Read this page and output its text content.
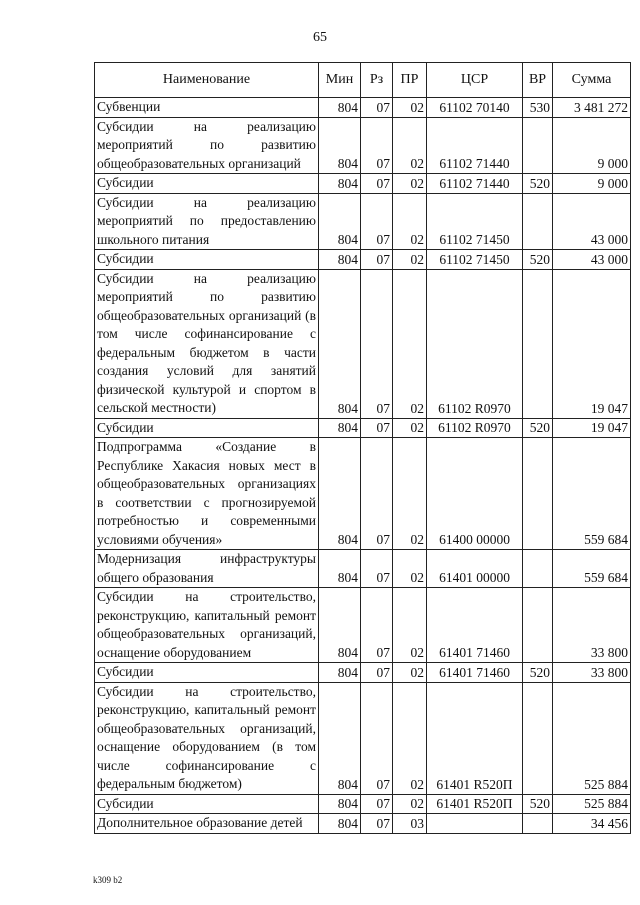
65
Наименование	Мин	Рз	ПР	ЦСР	ВР	Сумма
Субвенции	804	07	02	61102 70140	530	3 481 272
Субсидии на реализацию мероприятий по развитию общеобразовательных организаций	804	07	02	61102 71440		9 000
Субсидии	804	07	02	61102 71440	520	9 000
Субсидии на реализацию мероприятий по предоставлению школьного питания	804	07	02	61102 71450		43 000
Субсидии	804	07	02	61102 71450	520	43 000
Субсидии на реализацию мероприятий по развитию общеобразовательных организаций (в том числе софинансирование с федеральным бюджетом в части создания условий для занятий физической культурой и спортом в сельской местности)	804	07	02	61102 R0970		19 047
Субсидии	804	07	02	61102 R0970	520	19 047
Подпрограмма «Создание в Республике Хакасия новых мест в общеобразовательных организациях в соответствии с прогнозируемой потребностью и современными условиями обучения»	804	07	02	61400 00000		559 684
Модернизация инфраструктуры общего образования	804	07	02	61401 00000		559 684
Субсидии на строительство, реконструкцию, капитальный ремонт общеобразовательных организаций, оснащение оборудованием	804	07	02	61401 71460		33 800
Субсидии	804	07	02	61401 71460	520	33 800
Субсидии на строительство, реконструкцию, капитальный ремонт общеобразовательных организаций, оснащение оборудованием (в том числе софинансирование с федеральным бюджетом)	804	07	02	61401 R520П		525 884
Субсидии	804	07	02	61401 R520П	520	525 884
Дополнительное образование детей	804	07	03			34 456
k309 b2
